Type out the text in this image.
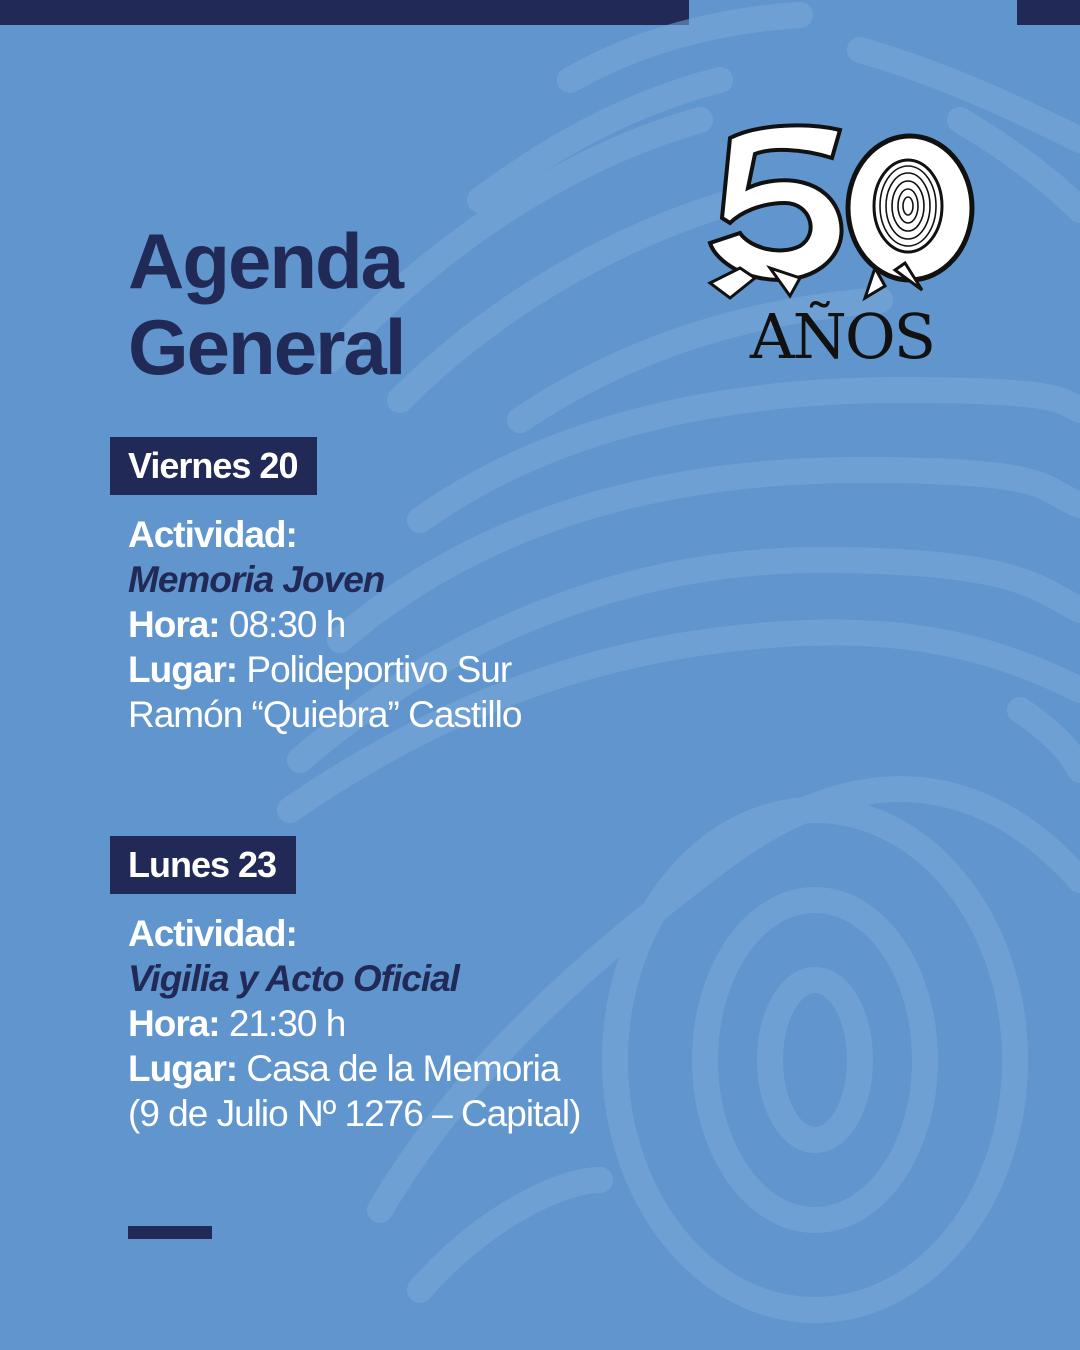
Agenda
General	AÑOS
Viernes 20
Actividad:
Memoria Joven
Hora: 08:30 h
Lugar: Polideportivo Sur
Ramón “Quiebra” Castillo
Lunes 23
Actividad:
Vigilia y Acto Oficial
Hora: 21:30 h
Lugar: Casa de la Memoria
(9 de Julio Nº 1276 – Capital)
